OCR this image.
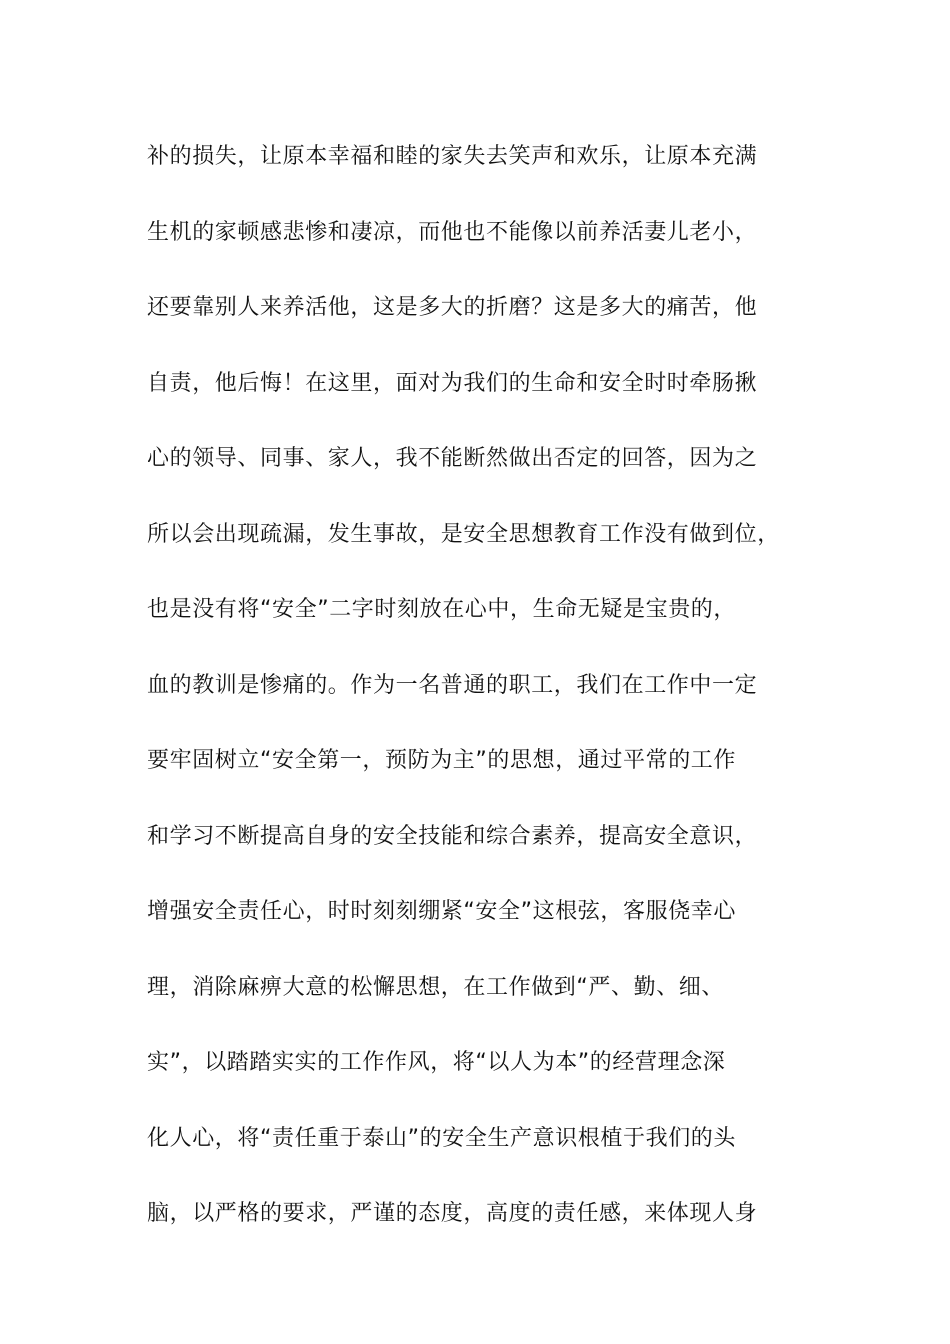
补的损失，让原本幸福和睦的家失去笑声和欢乐，让原本充满
生机的家顿感悲惨和凄凉，而他也不能像以前养活妻儿老小，
还要靠别人来养活他，这是多大的折磨？这是多大的痛苦，他
自责，他后悔！在这里，面对为我们的生命和安全时时牵肠揪
心的领导、同事、家人，我不能断然做出否定的回答，因为之
所以会出现疏漏，发生事故，是安全思想教育工作没有做到位，
也是没有将“安全”二字时刻放在心中，生命无疑是宝贵的，
血的教训是惨痛的。作为一名普通的职工，我们在工作中一定
要牢固树立“安全第一，预防为主”的思想，通过平常的工作
和学习不断提高自身的安全技能和综合素养，提高安全意识，
增强安全责任心，时时刻刻绷紧“安全”这根弦，客服侥幸心
理，消除麻痹大意的松懈思想，在工作做到“严、勤、细、
实”，以踏踏实实的工作作风，将“以人为本”的经营理念深
化人心，将“责任重于泰山”的安全生产意识根植于我们的头
脑，以严格的要求，严谨的态度，高度的责任感，来体现人身
